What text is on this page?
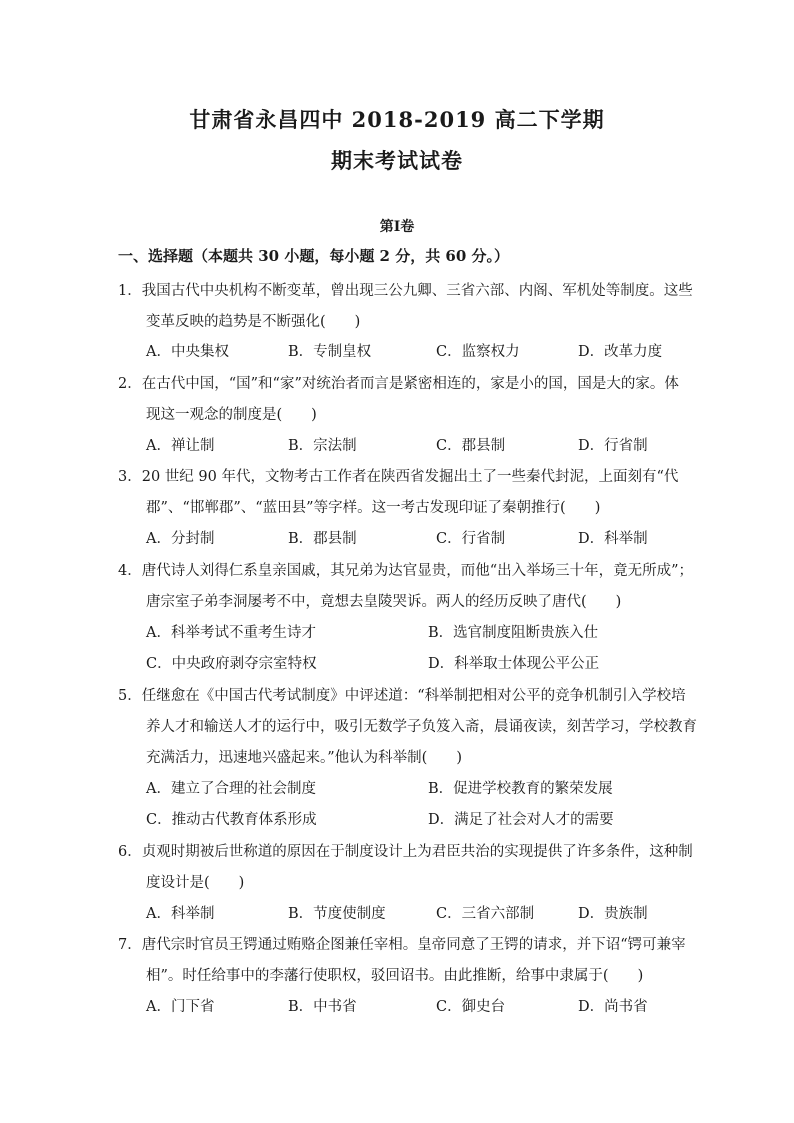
甘肃省永昌四中 2018-2019 高二下学期
期末考试试卷
第Ⅰ卷
一、选择题（本题共 30 小题，每小题 2 分，共 60 分。）
1．我国古代中央机构不断变革，曾出现三公九卿、三省六部、内阁、军机处等制度。这些
变革反映的趋势是不断强化(　　)
A．中央集权	B．专制皇权	C．监察权力	D．改革力度
2．在古代中国，“国”和“家”对统治者而言是紧密相连的，家是小的国，国是大的家。体
现这一观念的制度是(　　)
A．禅让制	B．宗法制	C．郡县制	D．行省制
3．20 世纪 90 年代，文物考古工作者在陕西省发掘出土了一些秦代封泥，上面刻有“代
郡”、“邯郸郡”、“蓝田县”等字样。这一考古发现印证了秦朝推行(　　)
A．分封制	B．郡县制	C．行省制	D．科举制
4．唐代诗人刘得仁系皇亲国戚，其兄弟为达官显贵，而他“出入举场三十年，竟无所成”；
唐宗室子弟李洞屡考不中，竟想去皇陵哭诉。两人的经历反映了唐代(　　)
A．科举考试不重考生诗才	B．选官制度阻断贵族入仕
C．中央政府剥夺宗室特权	D．科举取士体现公平公正
5．任继愈在《中国古代考试制度》中评述道：“科举制把相对公平的竞争机制引入学校培
养人才和输送人才的运行中，吸引无数学子负笈入斋，晨诵夜读，刻苦学习，学校教育
充满活力，迅速地兴盛起来。”他认为科举制(　　)
A．建立了合理的社会制度	B．促进学校教育的繁荣发展
C．推动古代教育体系形成	D．满足了社会对人才的需要
6．贞观时期被后世称道的原因在于制度设计上为君臣共治的实现提供了许多条件，这种制
度设计是(　　)
A．科举制	B．节度使制度	C．三省六部制	D．贵族制
7．唐代宗时官员王锷通过贿赂企图兼任宰相。皇帝同意了王锷的请求，并下诏“锷可兼宰
相”。时任给事中的李藩行使职权，驳回诏书。由此推断，给事中隶属于(　　)
A．门下省	B．中书省	C．御史台	D．尚书省
